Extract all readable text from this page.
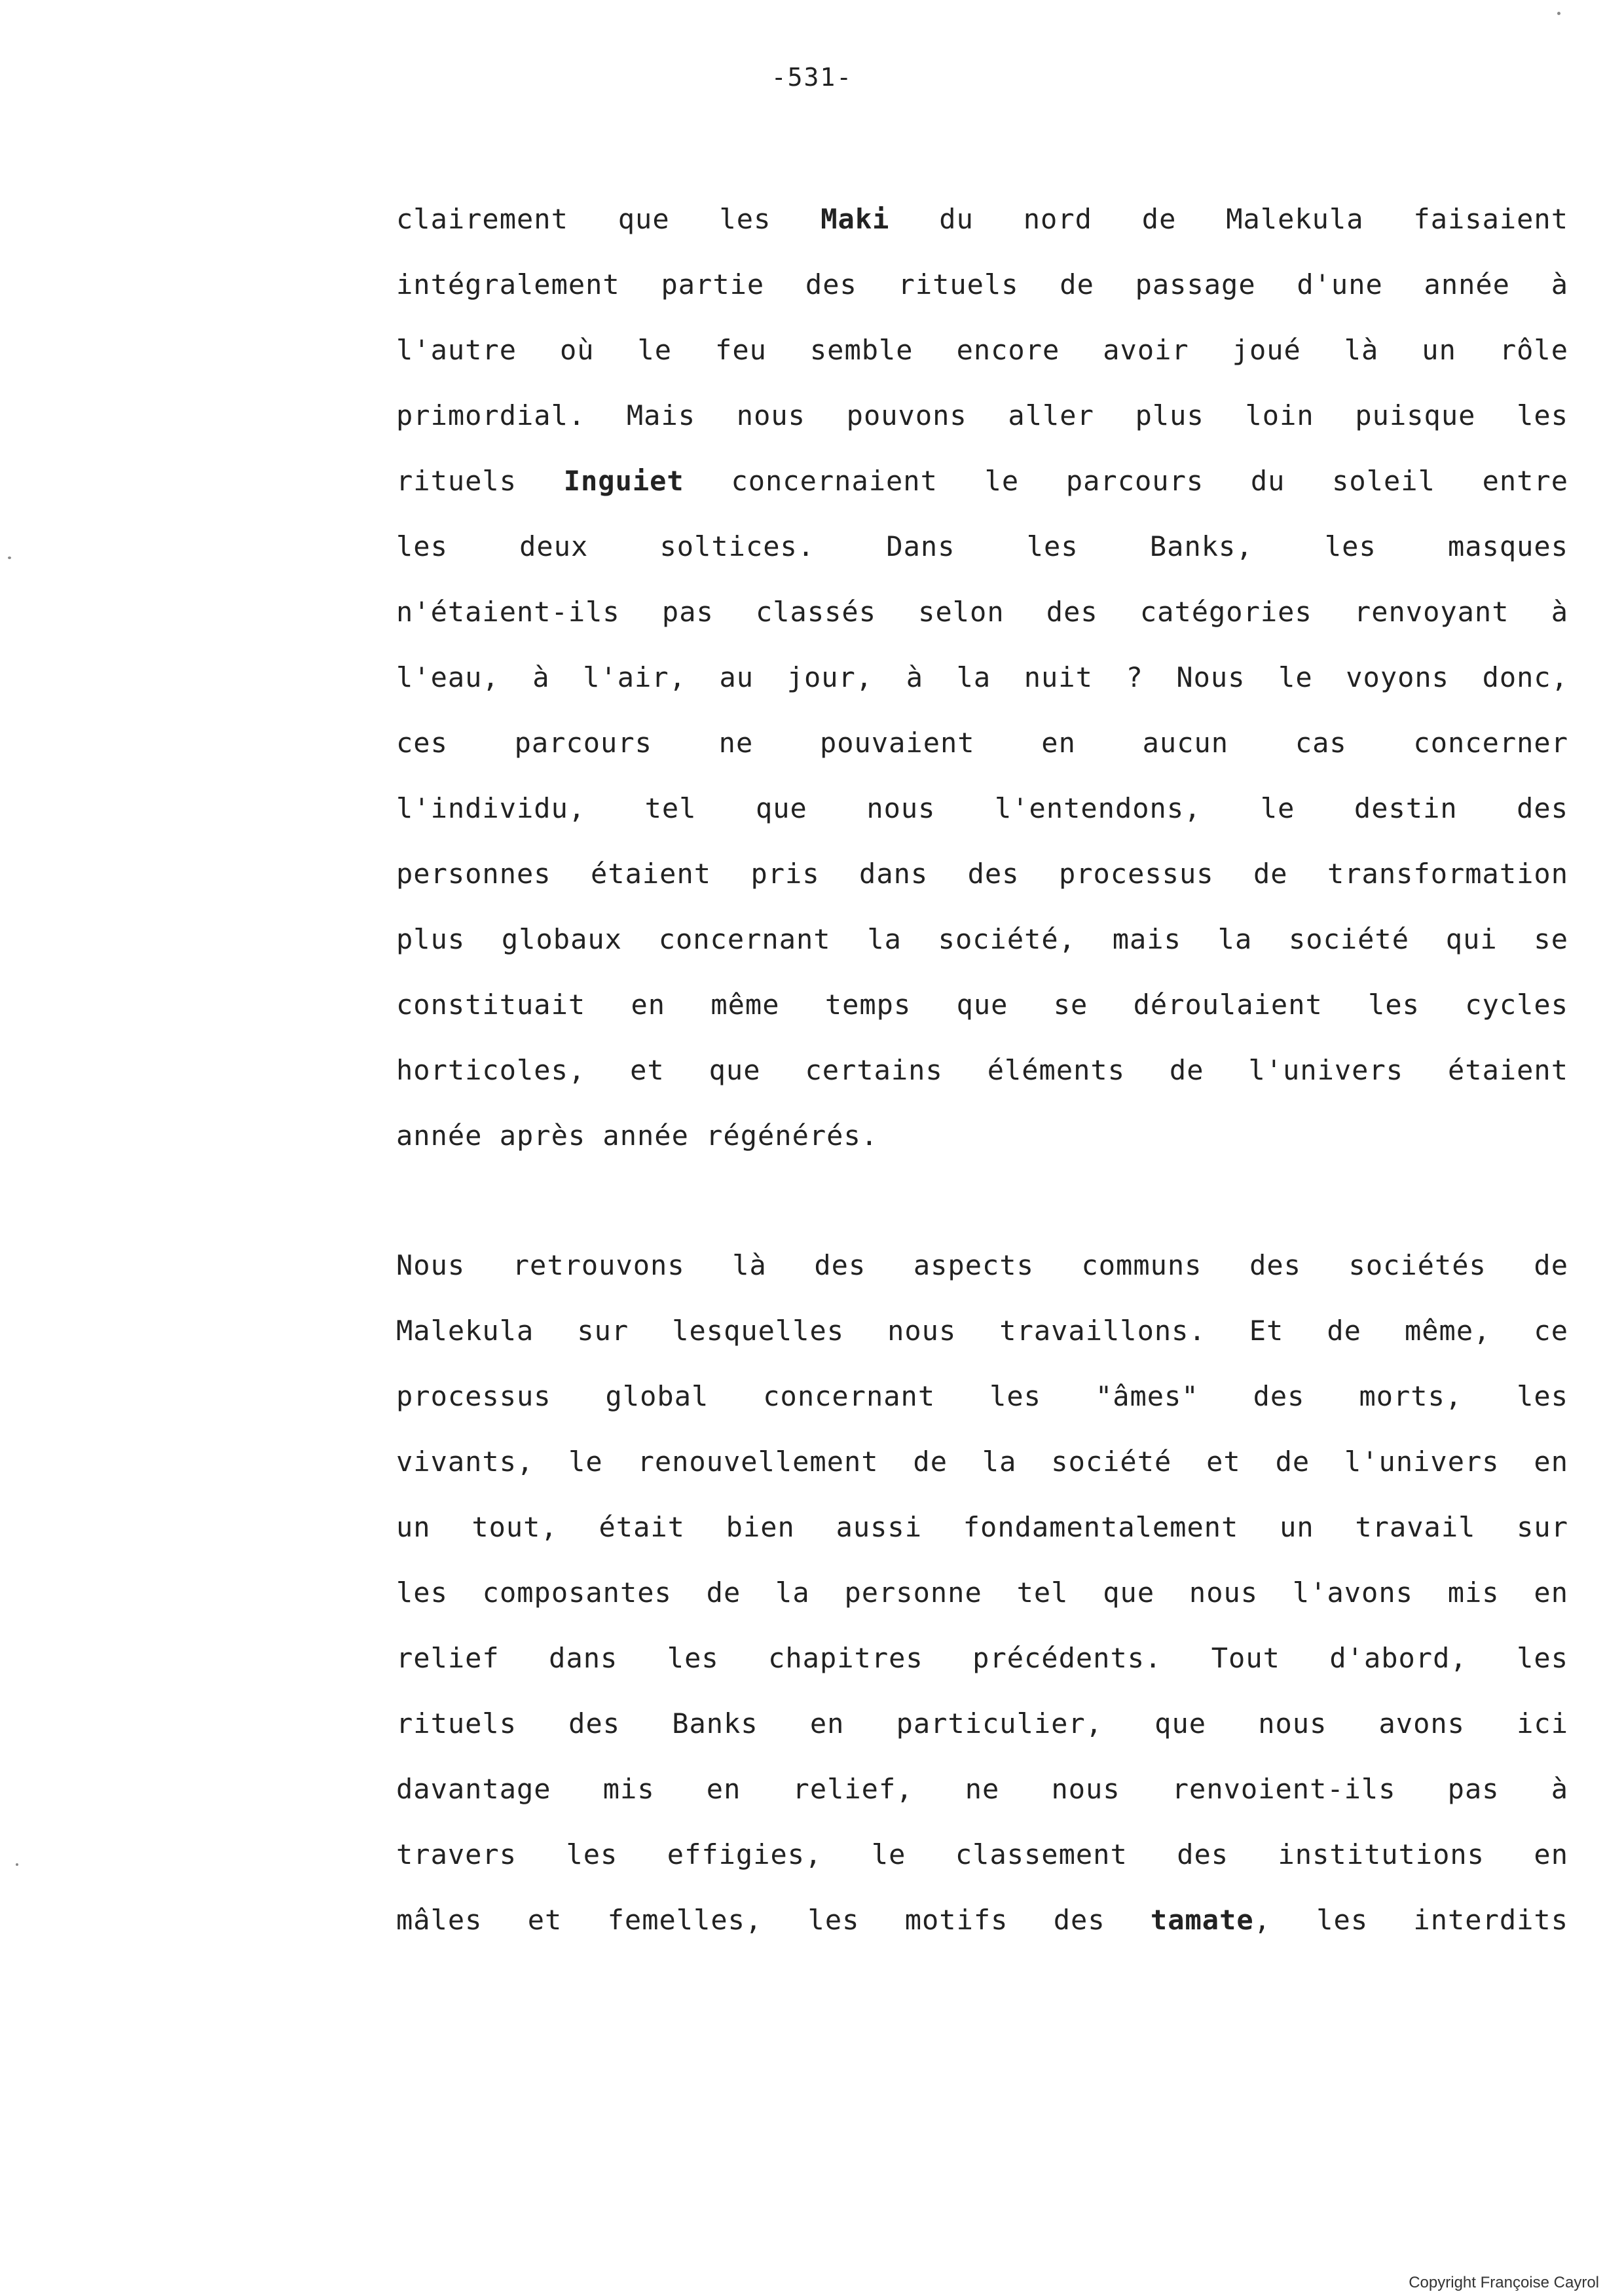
-531-
clairement que les Maki du nord de Malekula faisaient
intégralement partie des rituels de passage d'une année à
l'autre où le feu semble encore avoir joué là un rôle
primordial. Mais nous pouvons aller plus loin puisque les
rituels Inguiet concernaient le parcours du soleil entre
les deux soltices. Dans les Banks, les masques
n'étaient-ils pas classés selon des catégories renvoyant à
l'eau, à l'air, au jour, à la nuit ? Nous le voyons donc,
ces parcours ne pouvaient en aucun cas concerner
l'individu, tel que nous l'entendons, le destin des
personnes étaient pris dans des processus de transformation
plus globaux concernant la société, mais la société qui se
constituait en même temps que se déroulaient les cycles
horticoles, et que certains éléments de l'univers étaient
année après année régénérés.
Nous retrouvons là des aspects communs des sociétés de
Malekula sur lesquelles nous travaillons. Et de même, ce
processus global concernant les "âmes" des morts, les
vivants, le renouvellement de la société et de l'univers en
un tout, était bien aussi fondamentalement un travail sur
les composantes de la personne tel que nous l'avons mis en
relief dans les chapitres précédents. Tout d'abord, les
rituels des Banks en particulier, que nous avons ici
davantage mis en relief, ne nous renvoient-ils pas à
travers les effigies, le classement des institutions en
mâles et femelles, les motifs des tamate, les interdits
Copyright Françoise Cayrol
